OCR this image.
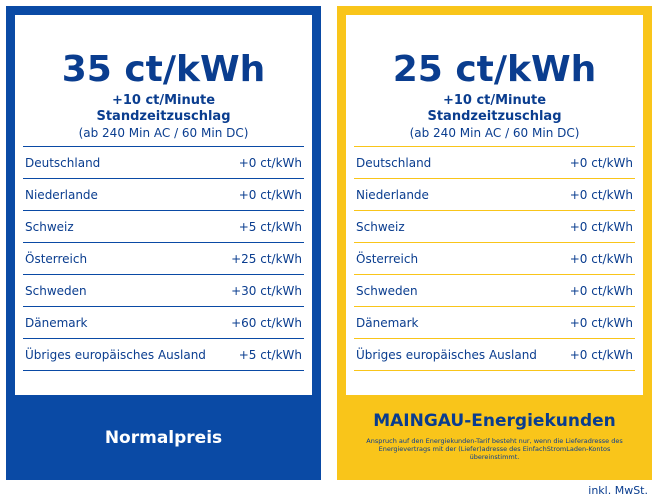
35 ct/kWh
+10 ct/Minute
Standzeitzuschlag
(ab 240 Min AC / 60 Min DC)
Deutschland	+0 ct/kWh
Niederlande	+0 ct/kWh
Schweiz	+5 ct/kWh
Österreich	+25 ct/kWh
Schweden	+30 ct/kWh
Dänemark	+60 ct/kWh
Übriges europäisches Ausland	+5 ct/kWh
Normalpreis
25 ct/kWh
+10 ct/Minute
Standzeitzuschlag
(ab 240 Min AC / 60 Min DC)
Deutschland	+0 ct/kWh
Niederlande	+0 ct/kWh
Schweiz	+0 ct/kWh
Österreich	+0 ct/kWh
Schweden	+0 ct/kWh
Dänemark	+0 ct/kWh
Übriges europäisches Ausland	+0 ct/kWh
MAINGAU-Energiekunden
Anspruch auf den Energiekunden-Tarif besteht nur, wenn die Lieferadresse des Energievertrags mit der (Liefer)adresse des EinfachStromLaden-Kontos übereinstimmt.
inkl. MwSt.
